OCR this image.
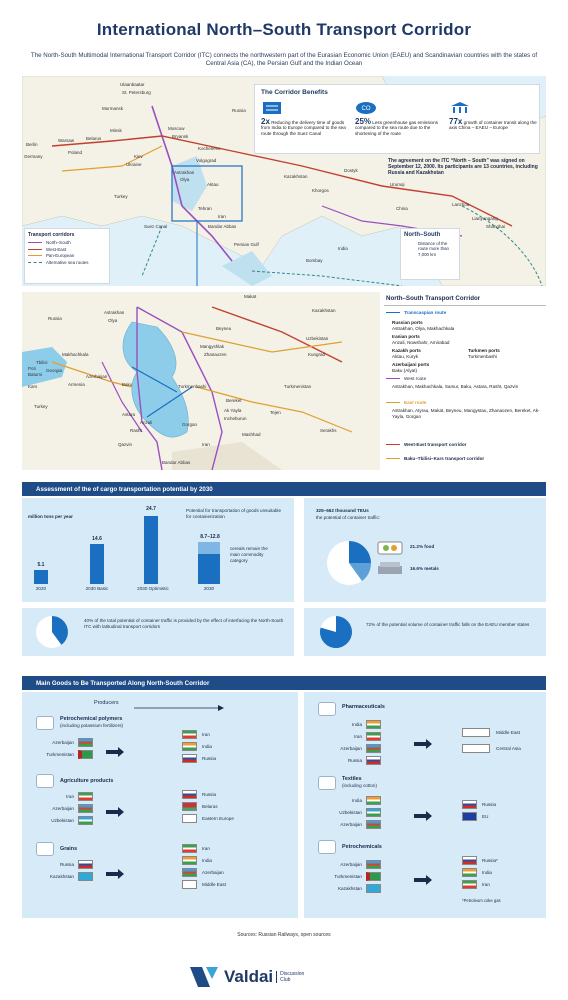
International North–South Transport Corridor
The North-South Multimodal International Transport Corridor (ITC) connects the northwestern part of the Eurasian Economic Union (EAEU) and Scandinavian countries with the states of Central Asia (CA), the Persian Gulf and the Indian Ocean
Ulaanbaatar
St. Petersburg
Murmansk	Russia
Berlin
Warsaw	Belarus
Minsk	Moscow
Bryansk
Germany
Poland
Kiev
Ukraine
Kochenevo
Volgograd
Astrakhan
Olya
Aktau
Kazakhstan
Dostyk
Urumqi
Turkey
Tehran
Suez Canal	Bandar Abbas
Iran
Khorgos
China
Lianyungang
Shanghai
Bombay
India
Lanzhou
Persian Gulf
The Corridor Benefits
2x Reducing the delivery time of goods from India to Europe compared to the sea route through the Suez Canal
CO
25% Less greenhouse gas emissions compared to the sea route due to the shortening of the route
77x growth of container transit along the axis China – EAEU – Europe
The agreement on the ITC “North – South” was signed on September 12, 2000. Its participants are 13 countries, including Russia and Kazakhstan
Transport corridors
North–South
West-East
Pan-European
Alternative sea routes
North–South
Distance of the route more than 7,000 km
Makat
Kazakhstan
Russia
Astrakhan
Olya
Beyneu
Uzbekistan
Makhachkala
Mangyshlak
Zhanaozen	Kungrad
Tbilisi
Poti
Batumi
Georgia
Armenia
Azerbaijan
Baku	Turkmenbashi	Turkmenistan
Kars
Turkey
Bereket
Tejen
Serakhs
Astara
Rasht
Gorgan
Mashhad
Anzali
Qazvin	Iran
Bandar Abbas
Ak Yayla
Incheburun
North–South Transport Corridor
Transcaspian route
Russian ports
Astrakhan, Olya, Makhachkala
Iranian ports
Anzali, Nowshahr, Amirabad
Kazakh ports
Aktau, Kuryk
Turkmen ports
Turkmenbashi
Azerbaijani ports
Baku (Alyat)
West route
Astrakhan, Makhachkala, Samur, Baku, Astara, Rasht, Qazvin
East route
Astrakhan, Atyrau, Makat, Beyneu, Mangystau, Zhanaozen, Bereket, Ak-Yayla, Gorgan
West-East transport corridor
Baku–Tbilisi–Kars transport corridor
Assessment of the of cargo transportation potential by 2030
million tons per year
5.1
14.6
24.7
2020	2030 Basic	2030 Optimistic
Potential for transportation of goods unsuitable for containerization
8.7–12.8
cereals remain the main commodity category
2030
325–662 thousand TEUs
the potential of container traffic:
21.2% food
16.6% metals
40% of the total potential of container traffic is provided by the effect of interfacing the North-South ITC with latitudinal transport corridors	72% of the potential volume of container traffic falls on the EAEU member states
Main Goods to Be Transported Along North-South Corridor
Producers
Petrochemical polymers
(including potassium fertilizers)
Azerbaijan
Turkmenistan
Iran
India
Russia
Agriculture products
Iran
Azerbaijan
Uzbekistan
Russia
Belarus
Eastern Europe
Grains
Russia
Kazakhstan
Iran
India
Azerbaijan
Middle East
Pharmaceuticals
India
Iran
Azerbaijan
Russia
Middle East
Central Asia
Textiles
(including cotton)
India
Uzbekistan
Azerbaijan
Russia
EU
Petrochemicals
Azerbaijan
Turkmenistan
Kazakhstan
Russia*
India
Iran
*Petroleum coke gas
Sources: Russian Railways, open sources
Valdai	Discussion
Club
